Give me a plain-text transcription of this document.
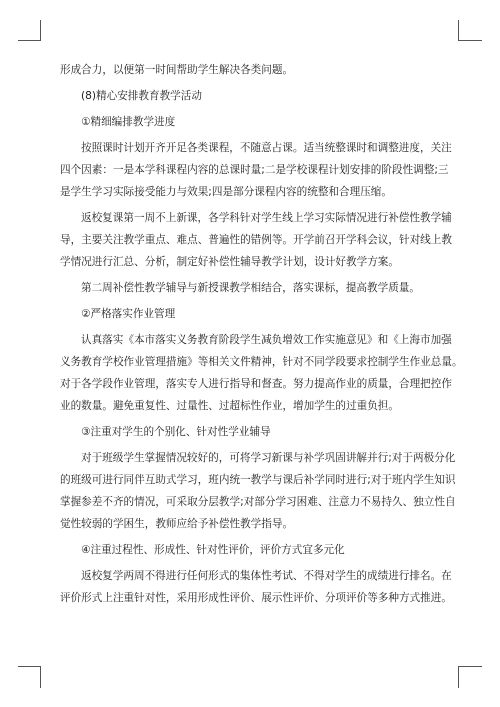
形成合力，以便第一时间帮助学生解决各类问题。
(8)精心安排教育教学活动
①精细编排教学进度
按照课时计划开齐开足各类课程，不随意占课。适当统整课时和调整进度，关注
四个因素：一是本学科课程内容的总课时量;二是学校课程计划安排的阶段性调整;三
是学生学习实际接受能力与效果;四是部分课程内容的统整和合理压缩。
返校复课第一周不上新课，各学科针对学生线上学习实际情况进行补偿性教学辅
导，主要关注教学重点、难点、普遍性的错例等。开学前召开学科会议，针对线上教
学情况进行汇总、分析，制定好补偿性辅导教学计划，设计好教学方案。
第二周补偿性教学辅导与新授课教学相结合，落实课标，提高教学质量。
②严格落实作业管理
认真落实《本市落实义务教育阶段学生减负增效工作实施意见》和《上海市加强
义务教育学校作业管理措施》等相关文件精神，针对不同学段要求控制学生作业总量。
对于各学段作业管理，落实专人进行指导和督查。努力提高作业的质量，合理把控作
业的数量。避免重复性、过量性、过超标性作业，增加学生的过重负担。
③注重对学生的个别化、针对性学业辅导
对于班级学生掌握情况较好的，可将学习新课与补学巩固讲解并行;对于两极分化
的班级可进行同伴互助式学习，班内统一教学与课后补学同时进行;对于班内学生知识
掌握参差不齐的情况，可采取分层教学;对部分学习困难、注意力不易持久、独立性自
觉性较弱的学困生，教师应给予补偿性教学指导。
④注重过程性、形成性、针对性评价，评价方式宜多元化
返校复学两周不得进行任何形式的集体性考试、不得对学生的成绩进行排名。在
评价形式上注重针对性，采用形成性评价、展示性评价、分项评价等多种方式推进。
